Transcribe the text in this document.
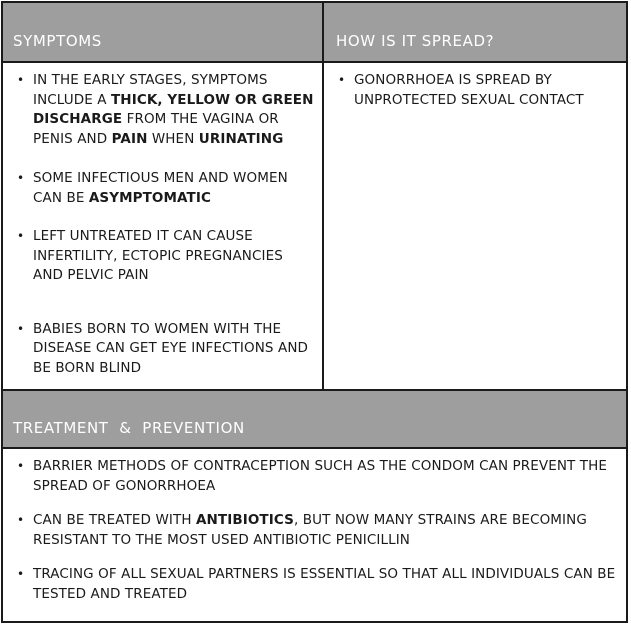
SYMPTOMS
• IN THE EARLY STAGES, SYMPTOMS INCLUDE A THICK, YELLOW OR GREEN DISCHARGE FROM THE VAGINA OR PENIS AND PAIN WHEN URINATING
• SOME INFECTIOUS MEN AND WOMEN CAN BE ASYMPTOMATIC
• LEFT UNTREATED IT CAN CAUSE INFERTILITY, ECTOPIC PREGNANCIES AND PELVIC PAIN
• BABIES BORN TO WOMEN WITH THE DISEASE CAN GET EYE INFECTIONS AND BE BORN BLIND
HOW IS IT SPREAD?
• GONORRHOEA IS SPREAD BY UNPROTECTED SEXUAL CONTACT
TREATMENT  &  PREVENTION
• BARRIER METHODS OF CONTRACEPTION SUCH AS THE CONDOM CAN PREVENT THE SPREAD OF GONORRHOEA
• CAN BE TREATED WITH ANTIBIOTICS, BUT NOW MANY STRAINS ARE BECOMING RESISTANT TO THE MOST USED ANTIBIOTIC PENICILLIN
• TRACING OF ALL SEXUAL PARTNERS IS ESSENTIAL SO THAT ALL INDIVIDUALS CAN BE TESTED AND TREATED
